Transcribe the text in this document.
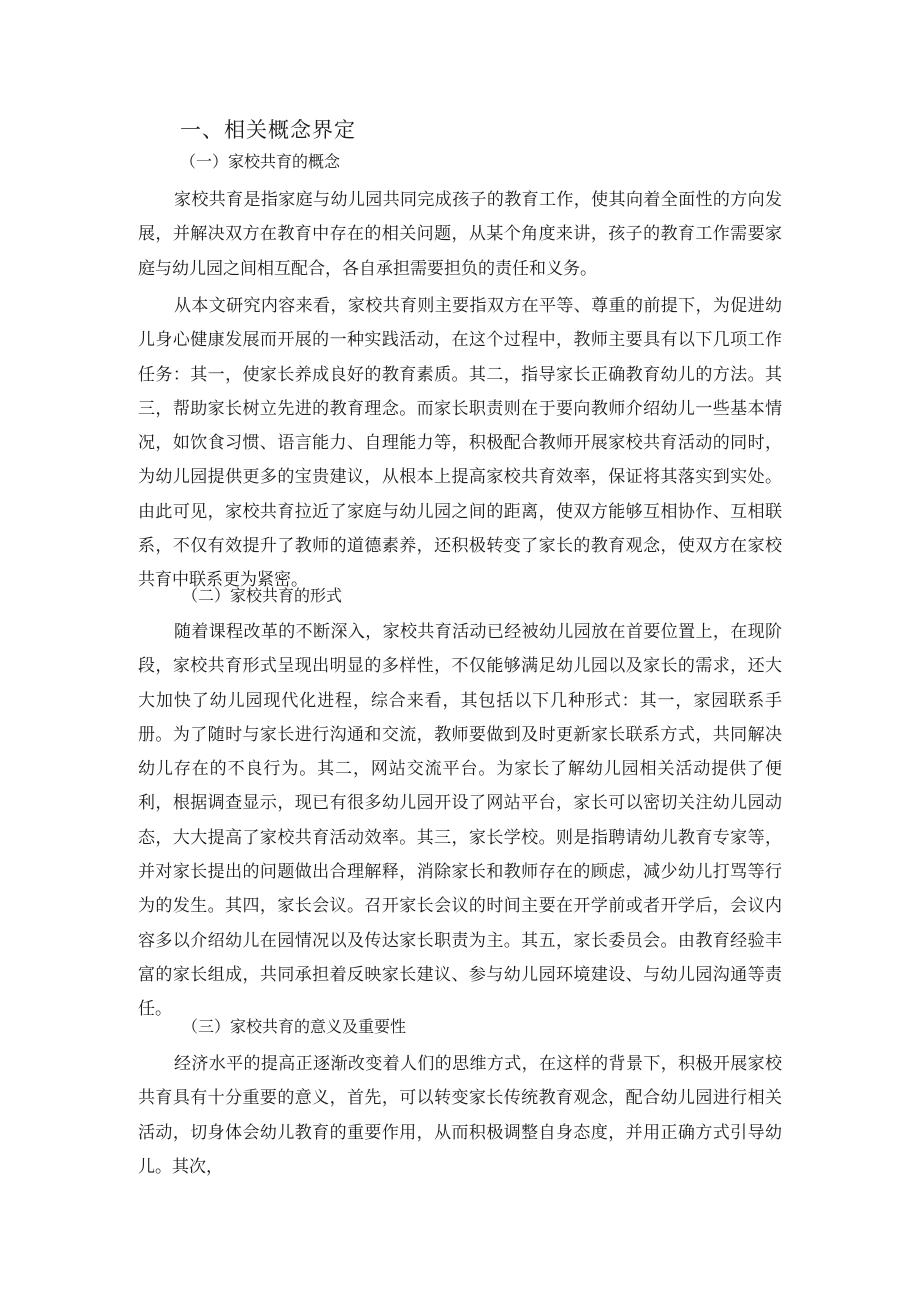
一、相关概念界定
（一）家校共育的概念

家校共育是指家庭与幼儿园共同完成孩子的教育工作，使其向着全面性的方向发展，并解决双方在教育中存在的相关问题，从某个角度来讲，孩子的教育工作需要家庭与幼儿园之间相互配合，各自承担需要担负的责任和义务。

从本文研究内容来看，家校共育则主要指双方在平等、尊重的前提下，为促进幼儿身心健康发展而开展的一种实践活动，在这个过程中，教师主要具有以下几项工作任务：其一，使家长养成良好的教育素质。其二，指导家长正确教育幼儿的方法。其三，帮助家长树立先进的教育理念。而家长职责则在于要向教师介绍幼儿一些基本情况，如饮食习惯、语言能力、自理能力等，积极配合教师开展家校共育活动的同时，为幼儿园提供更多的宝贵建议，从根本上提高家校共育效率，保证将其落实到实处。由此可见，家校共育拉近了家庭与幼儿园之间的距离，使双方能够互相协作、互相联系，不仅有效提升了教师的道德素养，还积极转变了家长的教育观念，使双方在家校共育中联系更为紧密。

（二）家校共育的形式

随着课程改革的不断深入，家校共育活动已经被幼儿园放在首要位置上，在现阶段，家校共育形式呈现出明显的多样性，不仅能够满足幼儿园以及家长的需求，还大大加快了幼儿园现代化进程，综合来看，其包括以下几种形式：其一，家园联系手册。为了随时与家长进行沟通和交流，教师要做到及时更新家长联系方式，共同解决幼儿存在的不良行为。其二，网站交流平台。为家长了解幼儿园相关活动提供了便利，根据调查显示，现已有很多幼儿园开设了网站平台，家长可以密切关注幼儿园动态，大大提高了家校共育活动效率。其三，家长学校。则是指聘请幼儿教育专家等，并对家长提出的问题做出合理解释，消除家长和教师存在的顾虑，减少幼儿打骂等行为的发生。其四，家长会议。召开家长会议的时间主要在开学前或者开学后，会议内容多以介绍幼儿在园情况以及传达家长职责为主。其五，家长委员会。由教育经验丰富的家长组成，共同承担着反映家长建议、参与幼儿园环境建设、与幼儿园沟通等责任。

（三）家校共育的意义及重要性

经济水平的提高正逐渐改变着人们的思维方式，在这样的背景下，积极开展家校共育具有十分重要的意义，首先，可以转变家长传统教育观念，配合幼儿园进行相关活动，切身体会幼儿教育的重要作用，从而积极调整自身态度，并用正确方式引导幼儿。其次，
